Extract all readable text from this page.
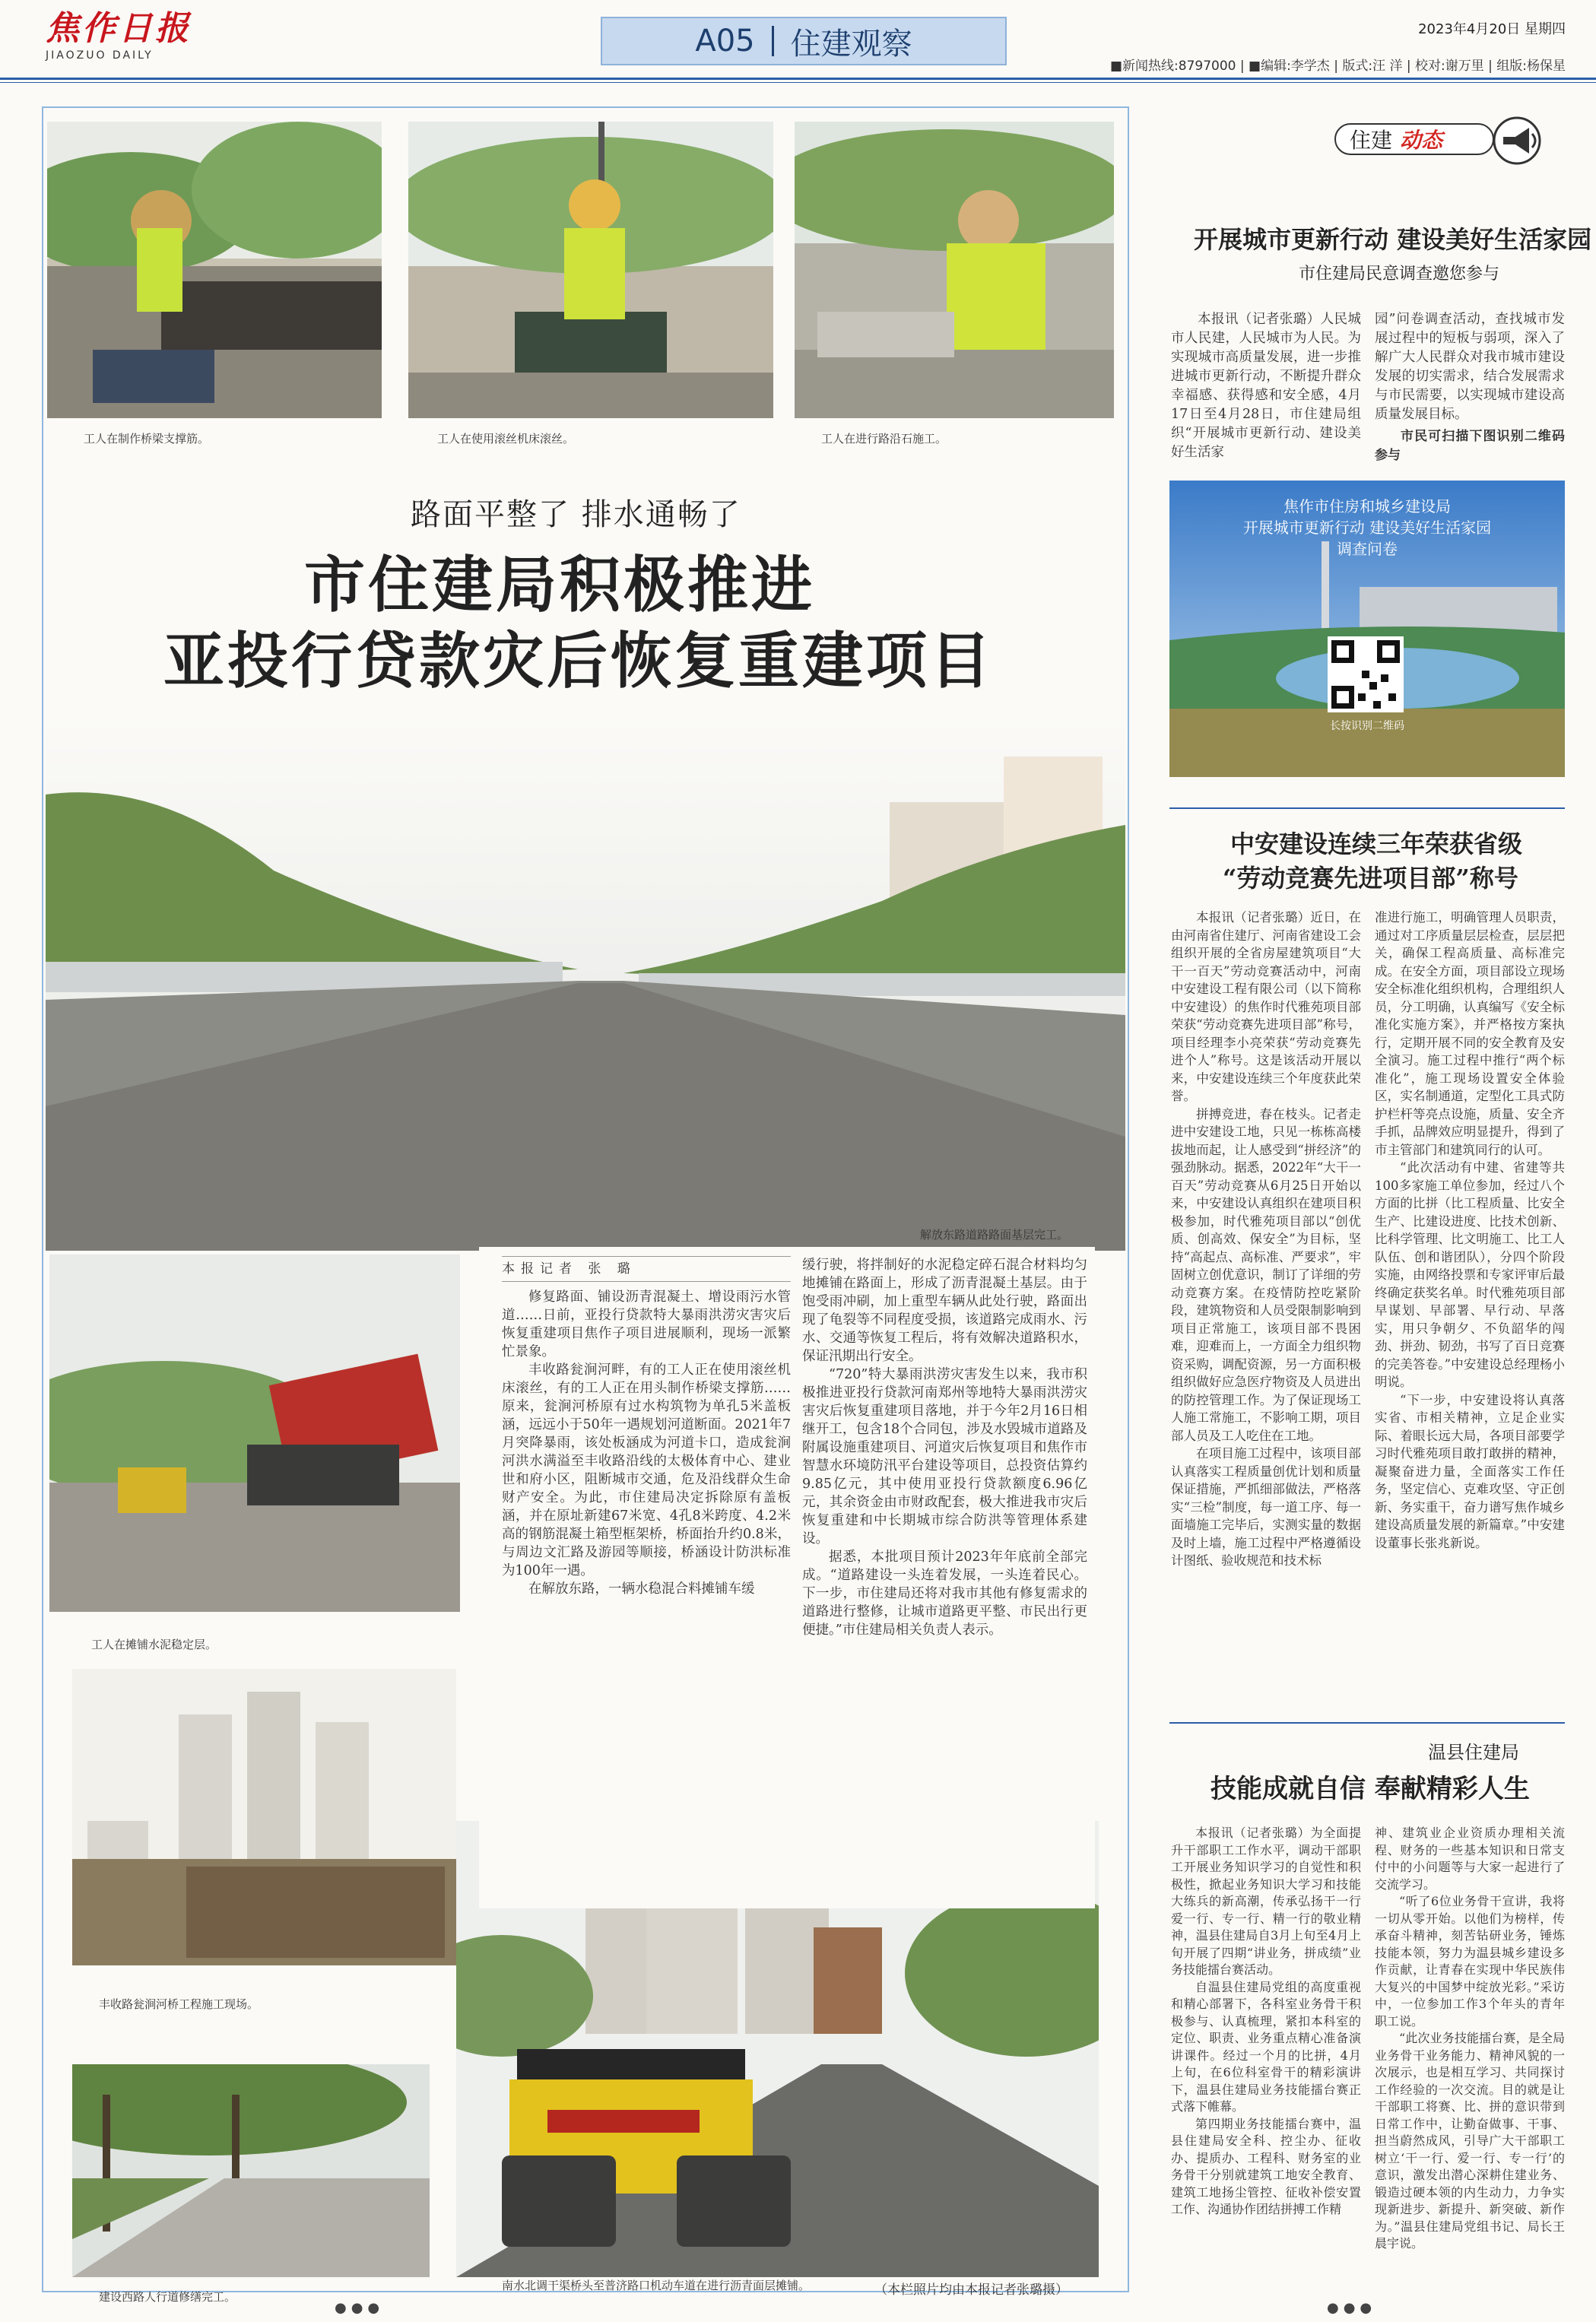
焦作日报
JIAOZUO DAILY	A05 住建观察	2023年4月20日 星期四
■新闻热线:8797000 | ■编辑:李学杰 | 版式:汪 洋 | 校对:谢万里 | 组版:杨保星
工人在制作桥梁支撑筋。	工人在使用滚丝机床滚丝。	工人在进行路沿石施工。
路面平整了 排水通畅了
市住建局积极推进
亚投行贷款灾后恢复重建项目
解放东路道路路面基层完工。
工人在摊铺水泥稳定层。
丰收路瓮涧河桥工程施工现场。
建设西路人行道修缮完工。
南水北调干渠桥头至普济路口机动车道在进行沥青面层摊铺。	（本栏照片均由本报记者张璐摄）
本报记者 张 璐

修复路面、铺设沥青混凝土、增设雨污水管道……日前，亚投行贷款特大暴雨洪涝灾害灾后恢复重建项目焦作子项目进展顺利，现场一派繁忙景象。

丰收路瓮涧河畔，有的工人正在使用滚丝机床滚丝，有的工人正在用头制作桥梁支撑筋……原来，瓮涧河桥原有过水构筑物为单孔5米盖板涵，远远小于50年一遇规划河道断面。2021年7月突降暴雨，该处板涵成为河道卡口，造成瓮涧河洪水满溢至丰收路沿线的太极体育中心、建业世和府小区，阻断城市交通，危及沿线群众生命财产安全。为此，市住建局决定拆除原有盖板涵，并在原址新建67米宽、4孔8米跨度、4.2米高的钢筋混凝土箱型框架桥，桥面抬升约0.8米，与周边文汇路及游园等顺接，桥涵设计防洪标准为100年一遇。

在解放东路，一辆水稳混合料摊铺车缓

缓行驶，将拌制好的水泥稳定碎石混合材料均匀地摊铺在路面上，形成了沥青混凝土基层。由于饱受雨冲刷，加上重型车辆从此处行驶，路面出现了龟裂等不同程度受损，该道路完成雨水、污水、交通等恢复工程后，将有效解决道路积水，保证汛期出行安全。

“720”特大暴雨洪涝灾害发生以来，我市积极推进亚投行贷款河南郑州等地特大暴雨洪涝灾害灾后恢复重建项目落地，并于今年2月16日相继开工，包含18个合同包，涉及水毁城市道路及附属设施重建项目、河道灾后恢复项目和焦作市智慧水环境防汛平台建设等项目，总投资估算约9.85亿元，其中使用亚投行贷款额度6.96亿元，其余资金由市财政配套，极大推进我市灾后恢复重建和中长期城市综合防洪等管理体系建设。

据悉，本批项目预计2023年年底前全部完成。“道路建设一头连着发展，一头连着民心。下一步，市住建局还将对我市其他有修复需求的道路进行整修，让城市道路更平整、市民出行更便捷。”市住建局相关负责人表示。

住建 动态
开展城市更新行动 建设美好生活家园
市住建局民意调查邀您参与

本报讯（记者张璐）人民城市人民建，人民城市为人民。为实现城市高质量发展，进一步推进城市更新行动，不断提升群众幸福感、获得感和安全感，4月17日至4月28日，市住建局组织“开展城市更新行动、建设美好生活家

园”问卷调查活动，查找城市发展过程中的短板与弱项，深入了解广大人民群众对我市城市建设发展的切实需求，结合发展需求与市民需要，以实现城市建设高质量发展目标。

市民可扫描下图识别二维码参与

焦作市住房和城乡建设局
开展城市更新行动 建设美好生活家园
调查问卷
长按识别二维码
中安建设连续三年荣获省级
“劳动竞赛先进项目部”称号

本报讯（记者张璐）近日，在由河南省住建厅、河南省建设工会组织开展的全省房屋建筑项目“大干一百天”劳动竞赛活动中，河南中安建设工程有限公司（以下简称中安建设）的焦作时代雅苑项目部荣获“劳动竞赛先进项目部”称号，项目经理李小亮荣获“劳动竞赛先进个人”称号。这是该活动开展以来，中安建设连续三个年度获此荣誉。

拼搏竞进，春在枝头。记者走进中安建设工地，只见一栋栋高楼拔地而起，让人感受到“拼经济”的强劲脉动。据悉，2022年“大干一百天”劳动竞赛从6月25日开始以来，中安建设认真组织在建项目积极参加，时代雅苑项目部以“创优质、创高效、保安全”为目标，坚持“高起点、高标准、严要求”，牢固树立创优意识，制订了详细的劳动竞赛方案。在疫情防控吃紧阶段，建筑物资和人员受限制影响到项目正常施工，该项目部不畏困难，迎难而上，一方面全力组织物资采购，调配资源，另一方面积极组织做好应急医疗物资及人员进出的防控管理工作。为了保证现场工人施工常施工，不影响工期，项目部人员及工人吃住在工地。

在项目施工过程中，该项目部认真落实工程质量创优计划和质量保证措施，严抓细部做法，严格落实“三检”制度，每一道工序、每一面墙施工完毕后，实测实量的数据及时上墙，施工过程中严格遵循设计图纸、验收规范和技术标

准进行施工，明确管理人员职责，通过对工序质量层层检查，层层把关，确保工程高质量、高标准完成。在安全方面，项目部设立现场安全标准化组织机构，合理组织人员，分工明确，认真编写《安全标准化实施方案》，并严格按方案执行，定期开展不同的安全教育及安全演习。施工过程中推行“两个标准化”，施工现场设置安全体验区，实名制通道，定型化工具式防护栏杆等亮点设施，质量、安全齐手抓，品牌效应明显提升，得到了市主管部门和建筑同行的认可。

“此次活动有中建、省建等共100多家施工单位参加，经过八个方面的比拼（比工程质量、比安全生产、比建设进度、比技术创新、比科学管理、比文明施工、比工人队伍、创和谐团队），分四个阶段实施，由网络投票和专家评审后最终确定获奖名单。时代雅苑项目部早谋划、早部署、早行动、早落实，用只争朝夕、不负韶华的闯劲、拼劲、韧劲，书写了百日竞赛的完美答卷。”中安建设总经理杨小明说。

“下一步，中安建设将认真落实省、市相关精神，立足企业实际、着眼长远大局，各项目部要学习时代雅苑项目敢打敢拼的精神，凝聚奋进力量，全面落实工作任务，坚定信心、克难攻坚、守正创新、务实重干，奋力谱写焦作城乡建设高质量发展的新篇章。”中安建设董事长张兆新说。

温县住建局
技能成就自信 奉献精彩人生

本报讯（记者张璐）为全面提升干部职工工作水平，调动干部职工开展业务知识学习的自觉性和积极性，掀起业务知识大学习和技能大练兵的新高潮，传承弘扬干一行爱一行、专一行、精一行的敬业精神，温县住建局自3月上旬至4月上旬开展了四期“讲业务，拼成绩”业务技能擂台赛活动。

自温县住建局党组的高度重视和精心部署下，各科室业务骨干积极参与、认真梳理，紧扣本科室的定位、职责、业务重点精心准备演讲课件。经过一个月的比拼，4月上旬，在6位科室骨干的精彩演讲下，温县住建局业务技能擂台赛正式落下帷幕。

第四期业务技能擂台赛中，温县住建局安全科、控尘办、征收办、提质办、工程科、财务室的业务骨干分别就建筑工地安全教育、建筑工地扬尘管控、征收补偿安置工作、沟通协作团结拼搏工作精

神、建筑业企业资质办理相关流程、财务的一些基本知识和日常支付中的小问题等与大家一起进行了交流学习。

“听了6位业务骨干宣讲，我将一切从零开始。以他们为榜样，传承奋斗精神，刻苦钻研业务，锤炼技能本领，努力为温县城乡建设多作贡献，让青春在实现中华民族伟大复兴的中国梦中绽放光彩。”采访中，一位参加工作3个年头的青年职工说。

“此次业务技能擂台赛，是全局业务骨干业务能力、精神风貌的一次展示，也是相互学习、共同探讨工作经验的一次交流。目的就是让干部职工将赛、比、拼的意识带到日常工作中，让勤奋做事、干事、担当蔚然成风，引导广大干部职工树立‘干一行、爱一行、专一行’的意识，激发出潜心深耕住建业务、锻造过硬本领的内生动力，力争实现新进步、新提升、新突破、新作为。”温县住建局党组书记、局长王晨宇说。

●●●	●●●
